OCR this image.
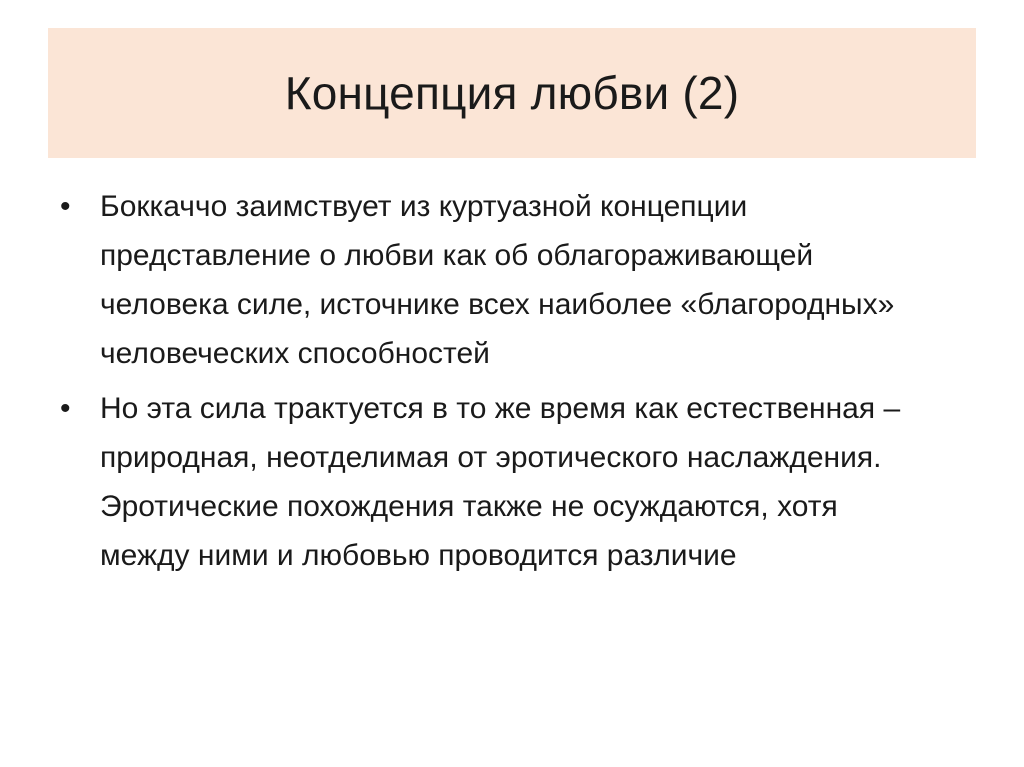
Концепция любви (2)
• Боккаччо заимствует из куртуазной концепции представление о любви как об облагораживающей человека силе, источнике всех наиболее «благородных» человеческих способностей
• Но эта сила трактуется в то же время как естественная – природная, неотделимая от эротического наслаждения. Эротические похождения также не осуждаются, хотя между ними и любовью проводится различие
